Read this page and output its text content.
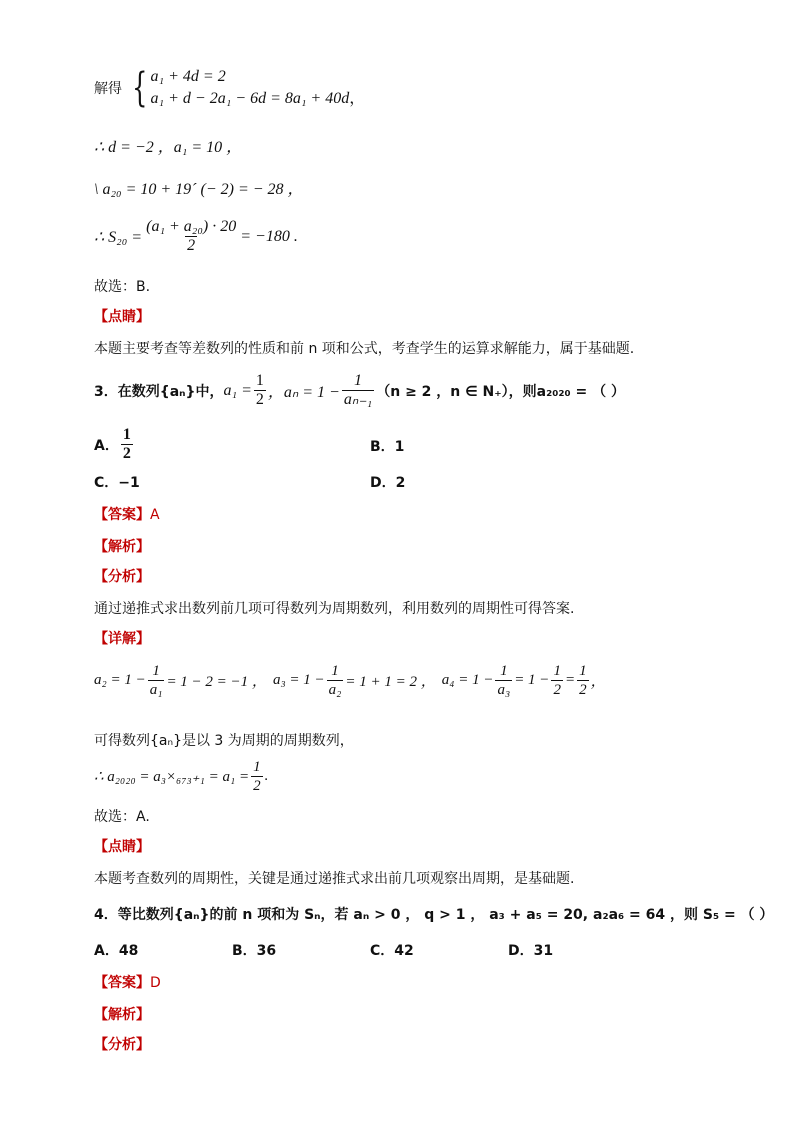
解得 { a₁ + 4d = 2
a₁ + d − 2a₁ − 6d = 8a₁ + 40d，
∴ d = −2 ，a₁ = 10 ，
\ a₂₀ = 10 + 19´ (− 2) = − 28 ，
∴ $S_{20} = \frac{\text{(a₁ + a₂₀) · 20}}{2} = -180$ .
故选：B.
【点睛】
本题主要考查等差数列的性质和前 n 项和公式，考查学生的运算求解能力，属于基础题.
3．在数列{aₙ}中， $a_1 = \frac{1}{2}$ ，$a_n = 1 - \frac{1}{\text{aₙ₋₁}} (n \ge 2$ ，n ∈ N₊），则a₂₀₂₀ = （ ）
A． $\frac{1}{2}$	B．1
C．−1	D．2
【答案】A
【解析】
【分析】
通过递推式求出数列前几项可得数列为周期数列，利用数列的周期性可得答案.
【详解】
$a_2 = 1 - \frac{1}{\text{a₁}} = 1 - 2 = -1$ ， $a_3 = 1 - \frac{1}{\text{a₂}} = 1 + 1 = 2$ ， $a_4 = 1 - \frac{1}{\text{a₃}} = 1 - \frac{1}{2} = \frac{1}{2}$ ，
可得数列{aₙ}是以 3 为周期的周期数列，
∴ $a_{2020} = a_3\times_{673+1} = a_1 = \frac{1}{2}$ .
故选：A.
【点睛】
本题考查数列的周期性，关键是通过递推式求出前几项观察出周期，是基础题.
4．等比数列{aₙ}的前 n 项和为 Sₙ，若 aₙ > 0 ， q > 1 ， a₃ + a₅ = 20, a₂a₆ = 64 ，则 S₅ = （ ）
A．48	B．36	C．42	D．31
【答案】D
【解析】
【分析】
